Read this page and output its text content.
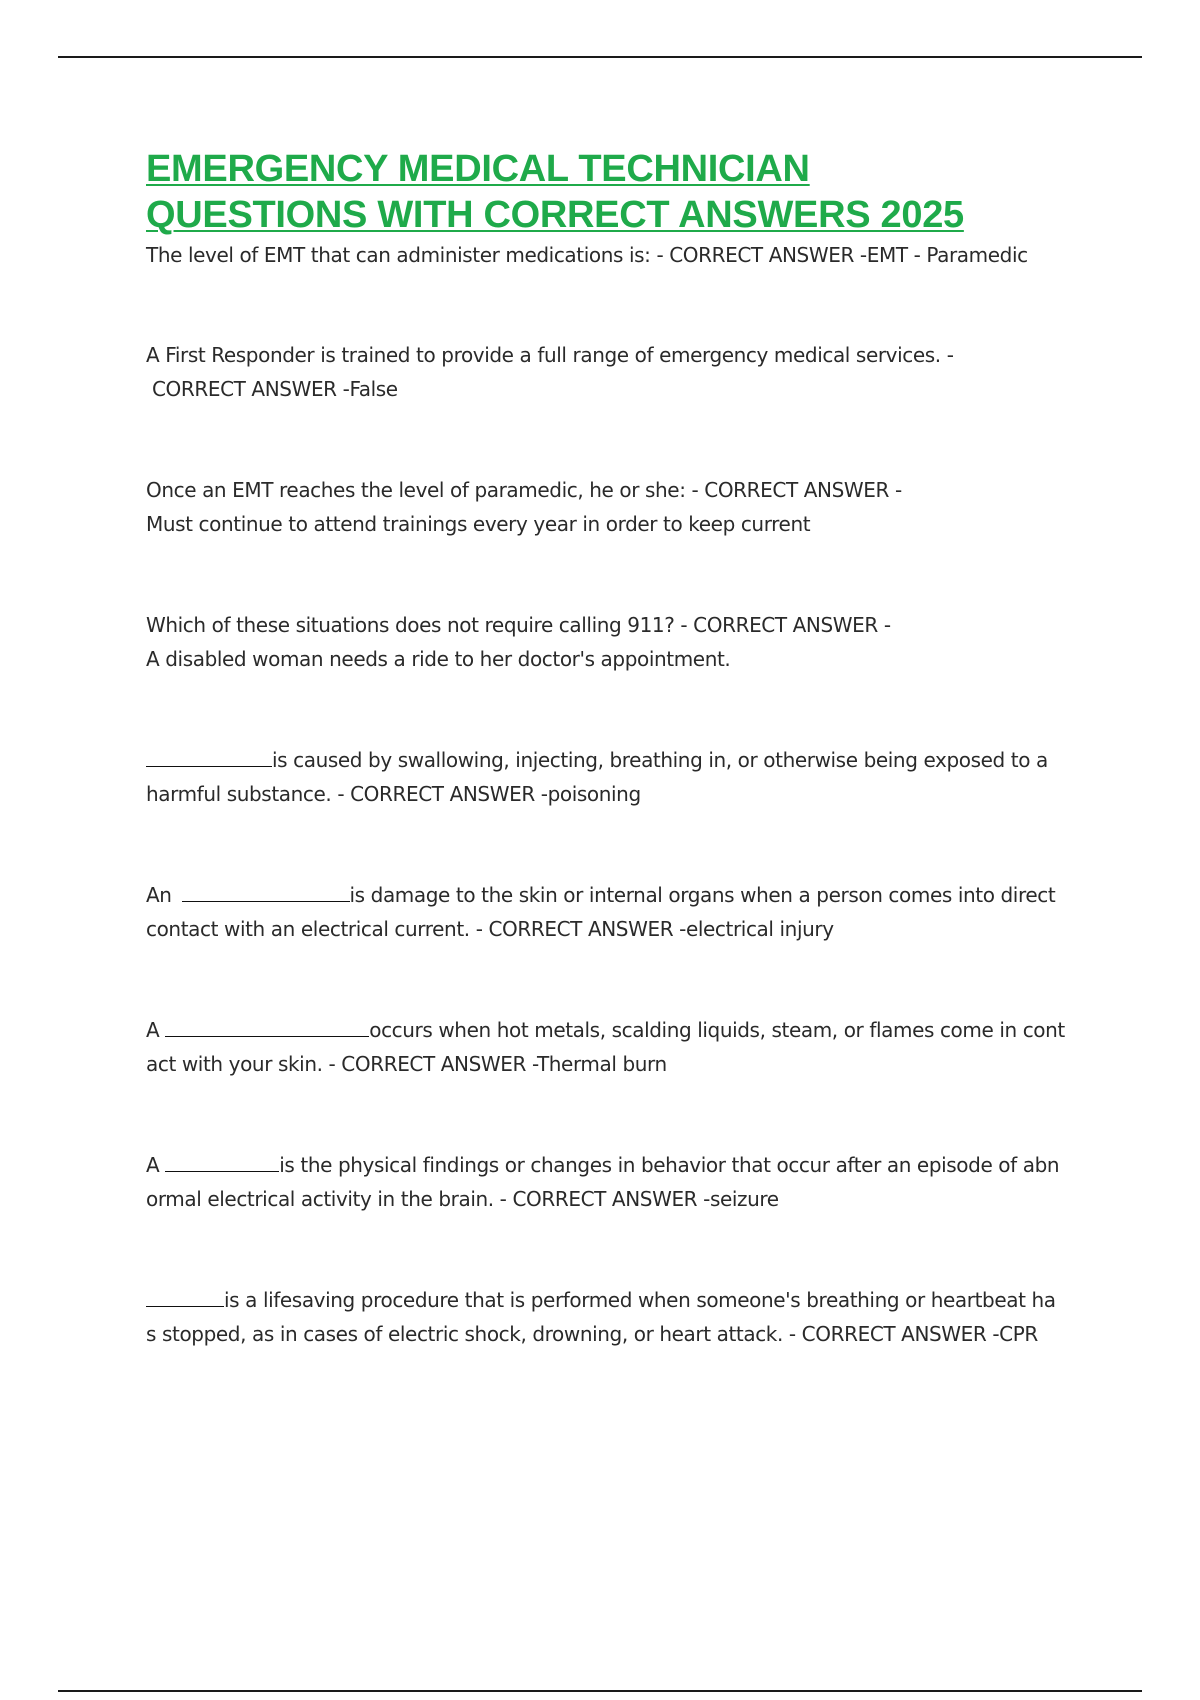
EMERGENCY MEDICAL TECHNICIAN
QUESTIONS WITH CORRECT ANSWERS 2025

The level of EMT that can administer medications is: - CORRECT ANSWER -EMT - Paramedic

A First Responder is trained to provide a full range of emergency medical services. -
CORRECT ANSWER -False

Once an EMT reaches the level of paramedic, he or she: - CORRECT ANSWER -
Must continue to attend trainings every year in order to keep current

Which of these situations does not require calling 911? - CORRECT ANSWER -
A disabled woman needs a ride to her doctor's appointment.

is caused by swallowing, injecting, breathing in, or otherwise being exposed to a
harmful substance. - CORRECT ANSWER -poisoning

An	is damage to the skin or internal organs when a person comes into direct
contact with an electrical current. - CORRECT ANSWER -electrical injury

A	occurs when hot metals, scalding liquids, steam, or flames come in cont
act with your skin. - CORRECT ANSWER -Thermal burn

A	is the physical findings or changes in behavior that occur after an episode of abn
ormal electrical activity in the brain. - CORRECT ANSWER -seizure

is a lifesaving procedure that is performed when someone's breathing or heartbeat ha
s stopped, as in cases of electric shock, drowning, or heart attack. - CORRECT ANSWER -CPR
